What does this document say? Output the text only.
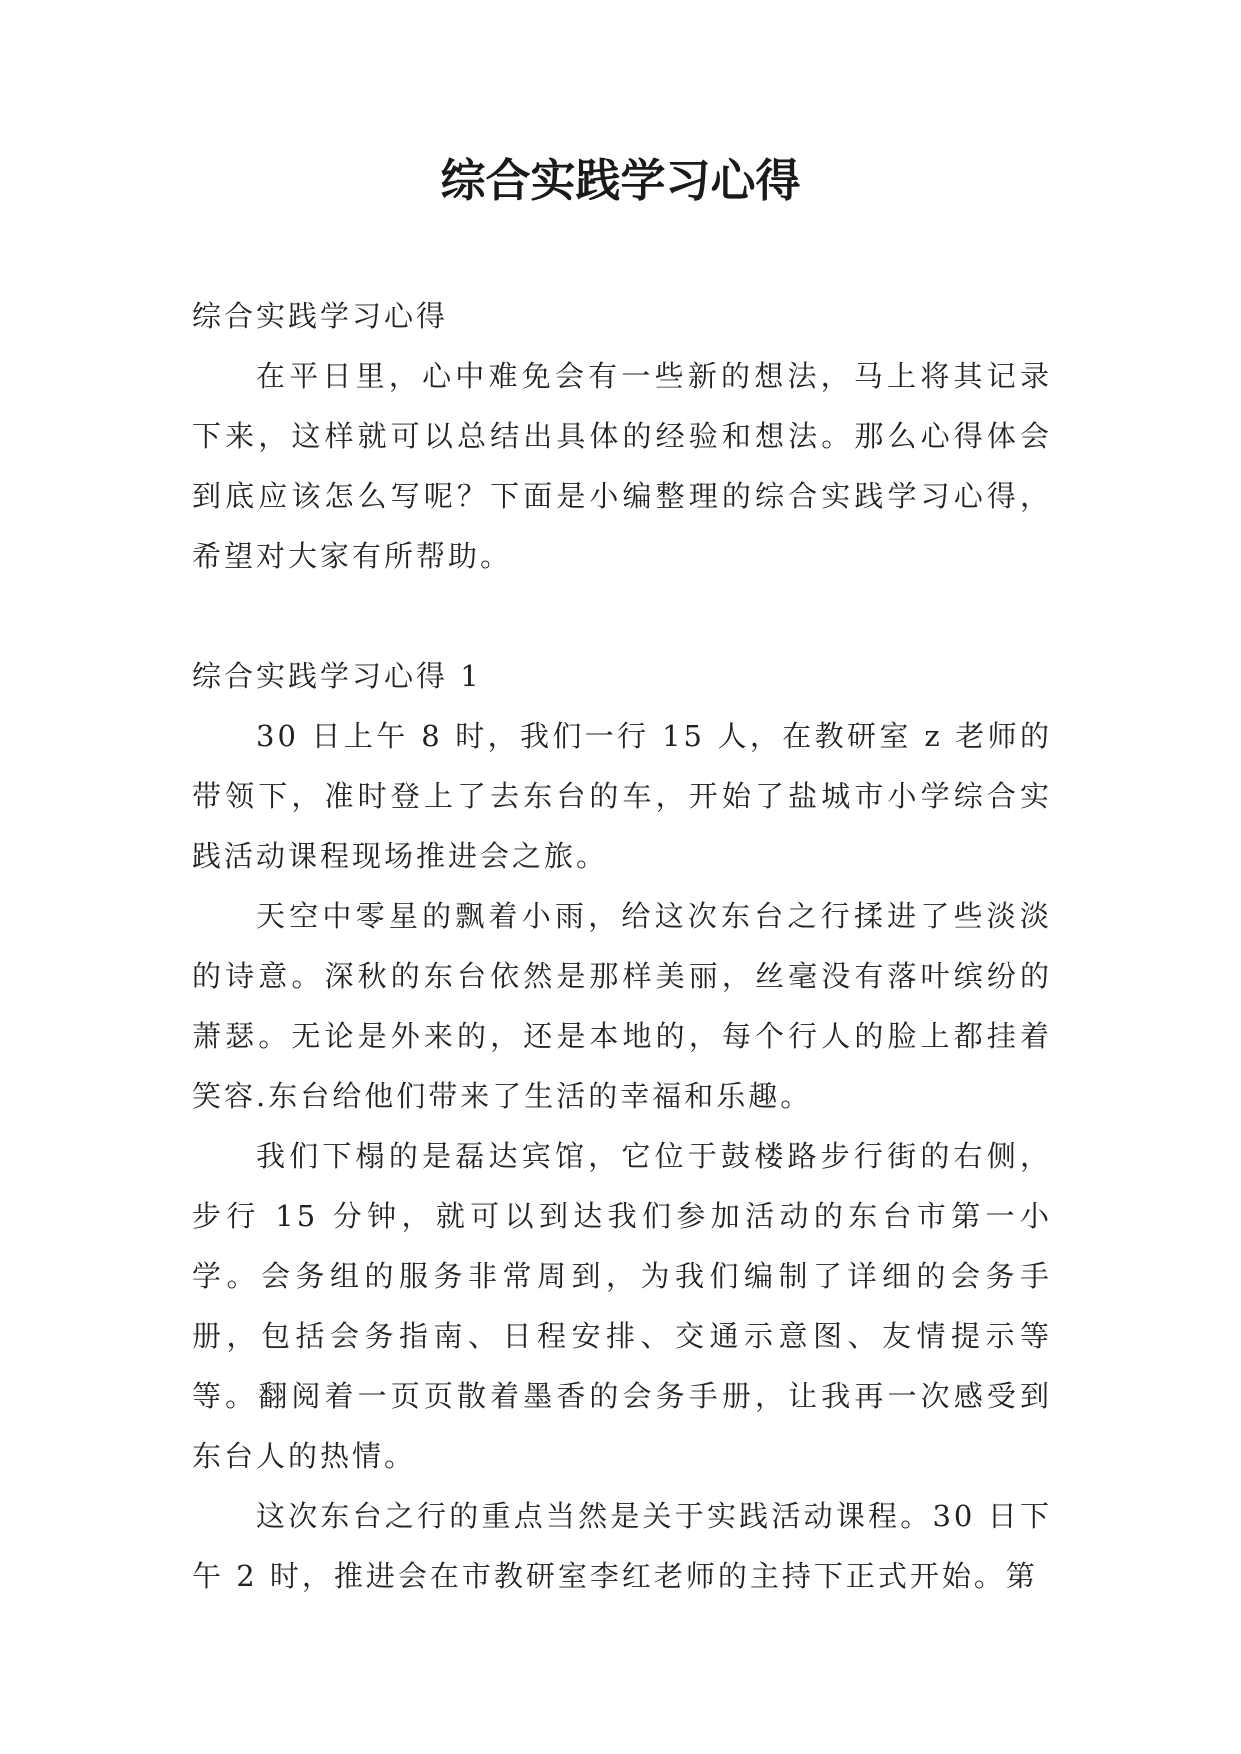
综合实践学习心得

综合实践学习心得

在平日里，心中难免会有一些新的想法，马上将其记录下来，这样就可以总结出具体的经验和想法。那么心得体会到底应该怎么写呢？下面是小编整理的综合实践学习心得，希望对大家有所帮助。

综合实践学习心得 1

30 日上午 8 时，我们一行 15 人，在教研室 z 老师的带领下，准时登上了去东台的车，开始了盐城市小学综合实践活动课程现场推进会之旅。

天空中零星的飘着小雨，给这次东台之行揉进了些淡淡的诗意。深秋的东台依然是那样美丽，丝毫没有落叶缤纷的萧瑟。无论是外来的，还是本地的，每个行人的脸上都挂着笑容.东台给他们带来了生活的幸福和乐趣。

我们下榻的是磊达宾馆，它位于鼓楼路步行街的右侧，步行 15 分钟，就可以到达我们参加活动的东台市第一小学。会务组的服务非常周到，为我们编制了详细的会务手册，包括会务指南、日程安排、交通示意图、友情提示等等。翻阅着一页页散着墨香的会务手册，让我再一次感受到东台人的热情。

这次东台之行的重点当然是关于实践活动课程。30 日下午 2 时，推进会在市教研室李红老师的主持下正式开始。第
